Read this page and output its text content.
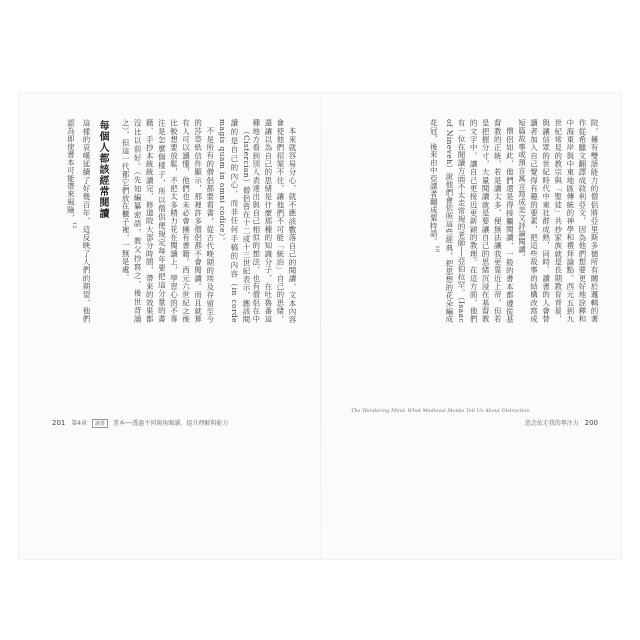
本來就容易分心，就不應該數落自己的閱讀，文本內容會使他們招架不住，讓他們不可能「統治」自己的思緒，還讓以為自己的思緒是什麼那種的知識分子，在吐魯番這種地方看到別人表達出與自己相似的想法，也有僧侶在中

（Cistercian）僧侶曾在十二或十三世紀表示，應該閱讀的是自己的內心，而非任何手稿的內容（in corde magis quam in omni codice）。

不是所有的僧侶都要看書，從古代晚期的埃及存留至今的莎草紙信件顯示，那裡許多僧侶都不會閱讀。而且就算有人可以讀懂，他們也未必會擁有書籍。西元六世紀之後比較想要放鬆，不把太多精力花在閱讀上，學習心的不專注是怎麼個樣子，所以僧侶便規定每年要把這分量的書籍、手抄本統統讀完，修道院大部分時間，帶來的效果都沒比以前好。（先知編纂密語，教父抄寫之，後世背誦之），但這一代都它們放在櫃子裡，一無是處。

每個人都該經常閱讀

這樣的哀嘆延續了好幾百年，這反映了人們的期望，他們認為即使書本可能帶來風險，$^{12}$

201 第4章 讀書 書本──透過不同視角閱讀，提升理解與能力

院，擁有雙語能力的僧侶將亞里斯多德所有關於邏輯的著作從希臘文翻譯成敘利亞文，因為他們想要更好地詮釋和中海東岸與中東地區傳統的神學和禮拜論點。西元五到九世紀常見的教宗與「聖徒」共抄家族就是長期教育背景，與讓信眾的世紀時代中東社群成熟，同時、讀書的人會替讀者加入自己覺得有趣的要素，把這些故事的結構改寫成短篇故事或預言寓言寫成美文評論閱讀。

僧侶如此，他們還是得接觸閱讀，一般的書本都遵從基督教的正統，若是讀太多，便無法讓我更靠近上帝。但若是把握分寸，大量閱讀就是要讓自己的思緒沉浸在基督教的文字中，讓自己更接近更新穎的教理。在這方面，他們有一位在閱讀方面不太走常規的老師──亞伯拉罕。（Isaac of Nineveh）說他們會依照這些經典，把思想的花朵編成花冠，後來由中亞譯者翻成粟特語。$^{10}$

The Wandering Mind: What Medieval Monks Tell Us About Distraction
意念依走我的專注力 200
